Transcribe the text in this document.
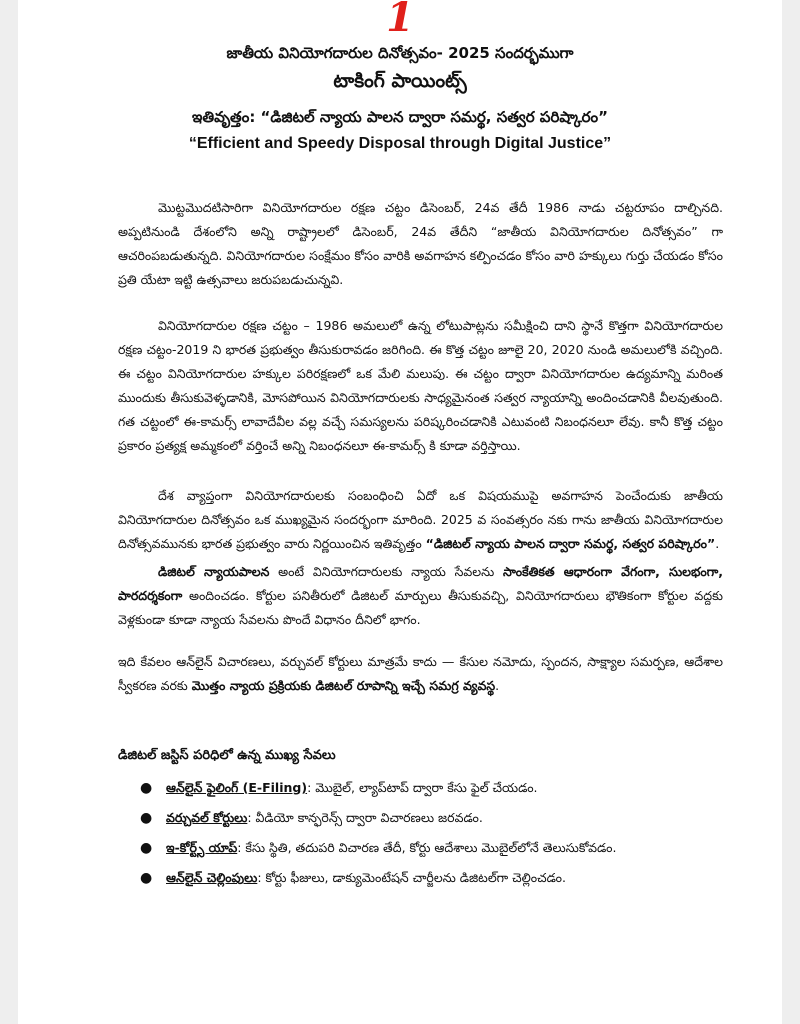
1
జాతీయ వినియోగదారుల దినోత్సవం- 2025 సందర్భముగా
టాకింగ్ పాయింట్స్
ఇతివృత్తం: “డిజిటల్ న్యాయ పాలన ద్వారా సమర్థ, సత్వర పరిష్కారం”
“Efficient and Speedy Disposal through Digital Justice”

మొట్టమొదటిసారిగా వినియోగదారుల రక్షణ చట్టం డిసెంబర్, 24వ తేదీ 1986 నాడు చట్టరూపం దాల్చినది. అప్పటినుండి దేశంలోని అన్ని రాష్ట్రాలలో డిసెంబర్, 24వ తేదీని “జాతీయ వినియోగదారుల దినోత్సవం” గా ఆచరింపబడుతున్నది. వినియోగదారుల సంక్షేమం కోసం వారికి అవగాహన కల్పించడం కోసం వారి హక్కులు గుర్తు చేయడం కోసం ప్రతి యేటా ఇట్టి ఉత్సవాలు జరుపబడుచున్నవి.

వినియోగదారుల రక్షణ చట్టం – 1986 అమలులో ఉన్న లోటుపాట్లను సమీక్షించి దాని స్థానే కొత్తగా వినియోగదారుల రక్షణ చట్టం-2019 ని భారత ప్రభుత్వం తీసుకురావడం జరిగింది. ఈ కొత్త చట్టం జూలై 20, 2020 నుండి అమలులోకి వచ్చింది. ఈ చట్టం వినియోగదారుల హక్కుల పరిరక్షణలో ఒక మేలి మలుపు. ఈ చట్టం ద్వారా వినియోగదారుల ఉద్యమాన్ని మరింత ముందుకు తీసుకువెళ్ళడానికి, మోసపోయిన వినియోగదారులకు సాధ్యమైనంత సత్వర న్యాయాన్ని అందించడానికి వీలవుతుంది. గత చట్టంలో ఈ-కామర్స్ లావాదేవీల వల్ల వచ్చే సమస్యలను పరిష్కరించడానికి ఎటువంటి నిబంధనలూ లేవు. కానీ కొత్త చట్టం ప్రకారం ప్రత్యక్ష అమ్మకంలో వర్తించే అన్ని నిబంధనలూ ఈ-కామర్స్ కి కూడా వర్తిస్తాయి.

దేశ వ్యాప్తంగా వినియోగదారులకు సంబంధించి ఏదో ఒక విషయముపై అవగాహన పెంచేందుకు జాతీయ వినియోగదారుల దినోత్సవం ఒక ముఖ్యమైన సందర్భంగా మారింది. 2025 వ సంవత్సరం నకు గాను జాతీయ వినియోగదారుల దినోత్సవమునకు భారత ప్రభుత్వం వారు నిర్ణయించిన ఇతివృత్తం “డిజిటల్ న్యాయ పాలన ద్వారా సమర్థ, సత్వర పరిష్కారం”.

డిజిటల్ న్యాయపాలన అంటే వినియోగదారులకు న్యాయ సేవలను సాంకేతికత ఆధారంగా వేగంగా, సులభంగా, పారదర్శకంగా అందించడం. కోర్టుల పనితీరులో డిజిటల్ మార్పులు తీసుకువచ్చి, వినియోగదారులు భౌతికంగా కోర్టుల వద్దకు వెళ్లకుండా కూడా న్యాయ సేవలను పొందే విధానం దీనిలో భాగం.

ఇది కేవలం ఆన్‌లైన్ విచారణలు, వర్చువల్ కోర్టులు మాత్రమే కాదు — కేసుల నమోదు, స్పందన, సాక్ష్యాల సమర్పణ, ఆదేశాల స్వీకరణ వరకు మొత్తం న్యాయ ప్రక్రియకు డిజిటల్ రూపాన్ని ఇచ్చే సమగ్ర వ్యవస్థ.

డిజిటల్ జస్టిస్ పరిధిలో ఉన్న ముఖ్య సేవలు

● ఆన్‌లైన్ ఫైలింగ్ (E-Filing): మొబైల్, ల్యాప్‌టాప్ ద్వారా కేసు ఫైల్ చేయడం.
● వర్చువల్ కోర్టులు: వీడియో కాన్ఫరెన్స్ ద్వారా విచారణలు జరవడం.
● ఇ-కోర్ట్స్ యాప్: కేసు స్థితి, తదుపరి విచారణ తేదీ, కోర్టు ఆదేశాలు మొబైల్‌లోనే తెలుసుకోవడం.
● ఆన్‌లైన్ చెల్లింపులు: కోర్టు ఫీజులు, డాక్యుమెంటేషన్ చార్జీలను డిజిటల్‌గా చెల్లించడం.
